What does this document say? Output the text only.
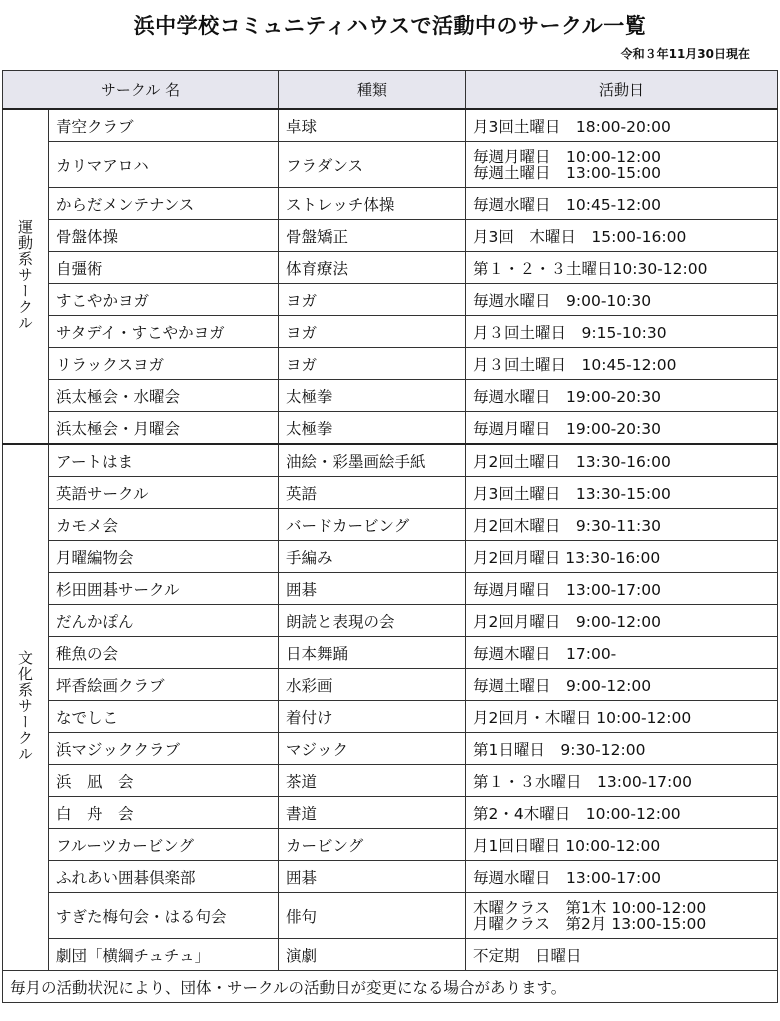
浜中学校コミュニティハウスで活動中のサークル一覧
令和３年11月30日現在
サークル 名		種類	活動日
運動系サークル	青空クラブ	卓球	月3回土曜日　18:00-20:00

	カリマアロハ	フラダンス	毎週月曜日　10:00-12:00
毎週土曜日　13:00-15:00

	からだメンテナンス	ストレッチ体操	毎週水曜日　10:45-12:00

	骨盤体操	骨盤矯正	月3回　木曜日　15:00-16:00

	自彊術	体育療法	第１・２・３土曜日10:30-12:00

	すこやかヨガ	ヨガ	毎週水曜日　9:00-10:30

	サタデイ・すこやかヨガ	ヨガ	月３回土曜日　9:15-10:30

	リラックスヨガ	ヨガ	月３回土曜日　10:45-12:00

	浜太極会・水曜会	太極拳	毎週水曜日　19:00-20:30

	浜太極会・月曜会	太極拳	毎週月曜日　19:00-20:30

文化系サークル	アートはま	油絵・彩墨画絵手紙	月2回土曜日　13:30-16:00

	英語サークル	英語	月3回土曜日　13:30-15:00

	カモメ会	バードカービング	月2回木曜日　9:30-11:30

	月曜編物会	手編み	月2回月曜日 13:30-16:00

	杉田囲碁サークル	囲碁	毎週月曜日　13:00-17:00

	だんかぽん	朗読と表現の会	月2回月曜日　9:00-12:00

	稚魚の会	日本舞踊	毎週木曜日　17:00-

	坪香絵画クラブ	水彩画	毎週土曜日　9:00-12:00

	なでしこ	着付け	月2回月・木曜日 10:00-12:00

	浜マジッククラブ	マジック	第1日曜日　9:30-12:00

	浜　凪　会	茶道	第１・３水曜日　13:00-17:00

	白　舟　会	書道	第2・4木曜日　10:00-12:00

	フルーツカービング	カービング	月1回日曜日 10:00-12:00

	ふれあい囲碁倶楽部	囲碁	毎週水曜日　13:00-17:00

	すぎた梅句会・はる句会	俳句	木曜クラス　第1木 10:00-12:00
月曜クラス　第2月 13:00-15:00

	劇団「横綱チュチュ」	演劇	不定期　日曜日

毎月の活動状況により、団体・サークルの活動日が変更になる場合があります。			
